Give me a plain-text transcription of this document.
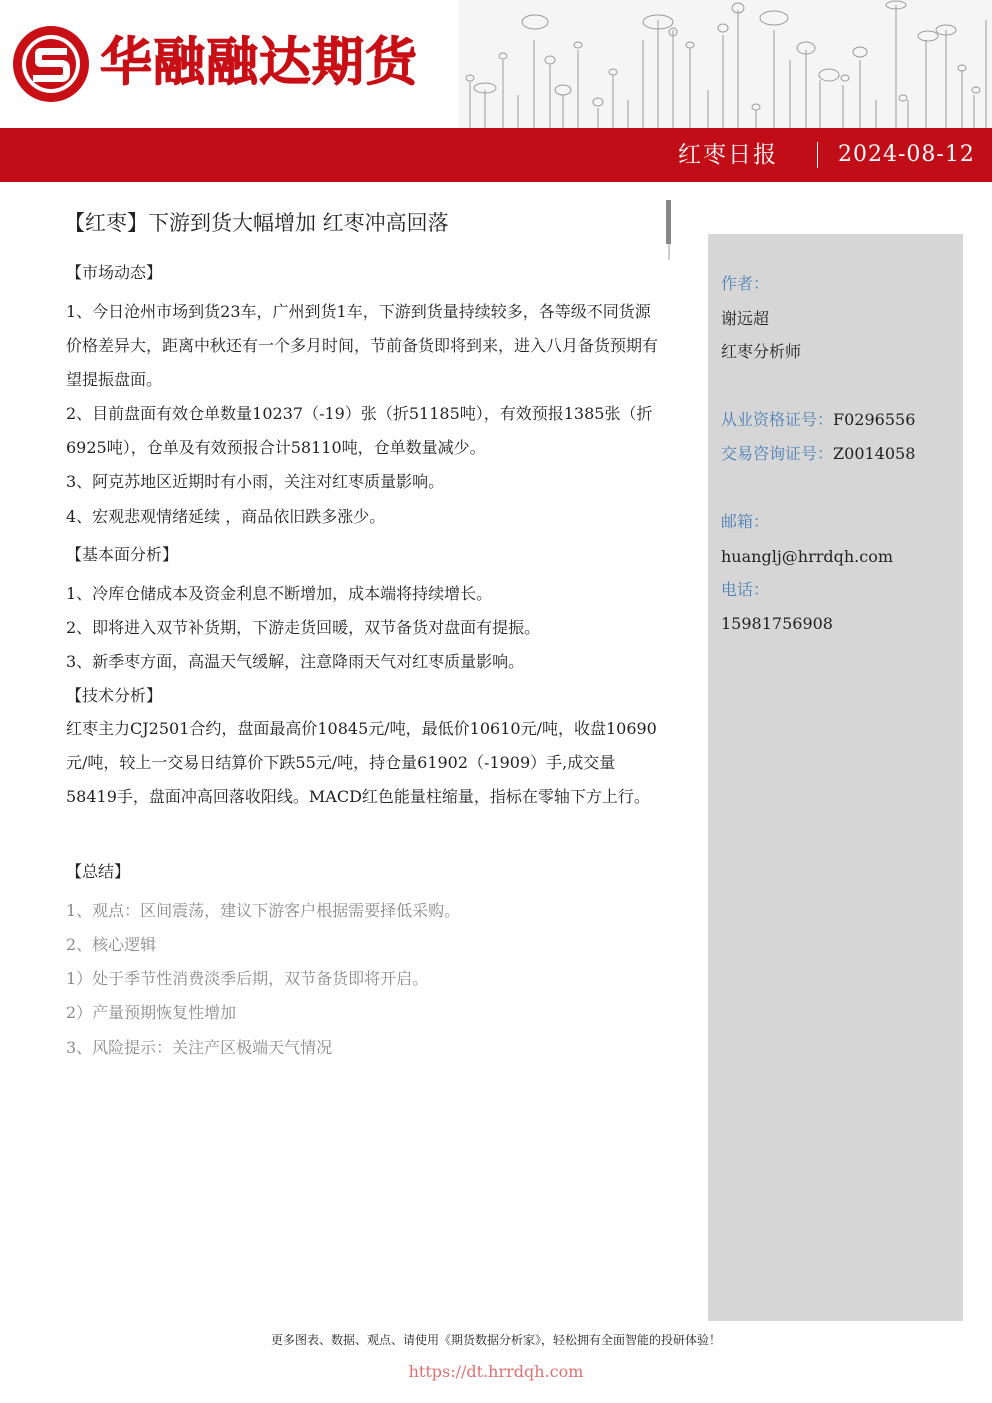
华融融达期货
红枣日报	2024-08-12
【红枣】下游到货大幅增加 红枣冲高回落
【市场动态】
1、今日沧州市场到货23车，广州到货1车，下游到货量持续较多，各等级不同货源价格差异大，距离中秋还有一个多月时间，节前备货即将到来，进入八月备货预期有望提振盘面。
2、目前盘面有效仓单数量10237（-19）张（折51185吨），有效预报1385张（折6925吨），仓单及有效预报合计58110吨，仓单数量减少。
3、阿克苏地区近期时有小雨，关注对红枣质量影响。
4、宏观悲观情绪延续 ，商品依旧跌多涨少。
【基本面分析】
1、冷库仓储成本及资金利息不断增加，成本端将持续增长。
2、即将进入双节补货期，下游走货回暖，双节备货对盘面有提振。
3、新季枣方面，高温天气缓解，注意降雨天气对红枣质量影响。
【技术分析】
红枣主力CJ2501合约，盘面最高价10845元/吨，最低价10610元/吨，收盘10690元/吨，较上一交易日结算价下跌55元/吨，持仓量61902（-1909）手,成交量58419手，盘面冲高回落收阳线。MACD红色能量柱缩量，指标在零轴下方上行。
【总结】
1、观点：区间震荡，建议下游客户根据需要择低采购。
2、核心逻辑
1）处于季节性消费淡季后期，双节备货即将开启。
2）产量预期恢复性增加
3、风险提示：关注产区极端天气情况
作者：
谢远超
红枣分析师
从业资格证号：F0296556
交易咨询证号：Z0014058
邮箱：
huanglj@hrrdqh.com
电话：
15981756908
更多图表、数据、观点、请使用《期货数据分析家》，轻松拥有全面智能的投研体验！
https://dt.hrrdqh.com
